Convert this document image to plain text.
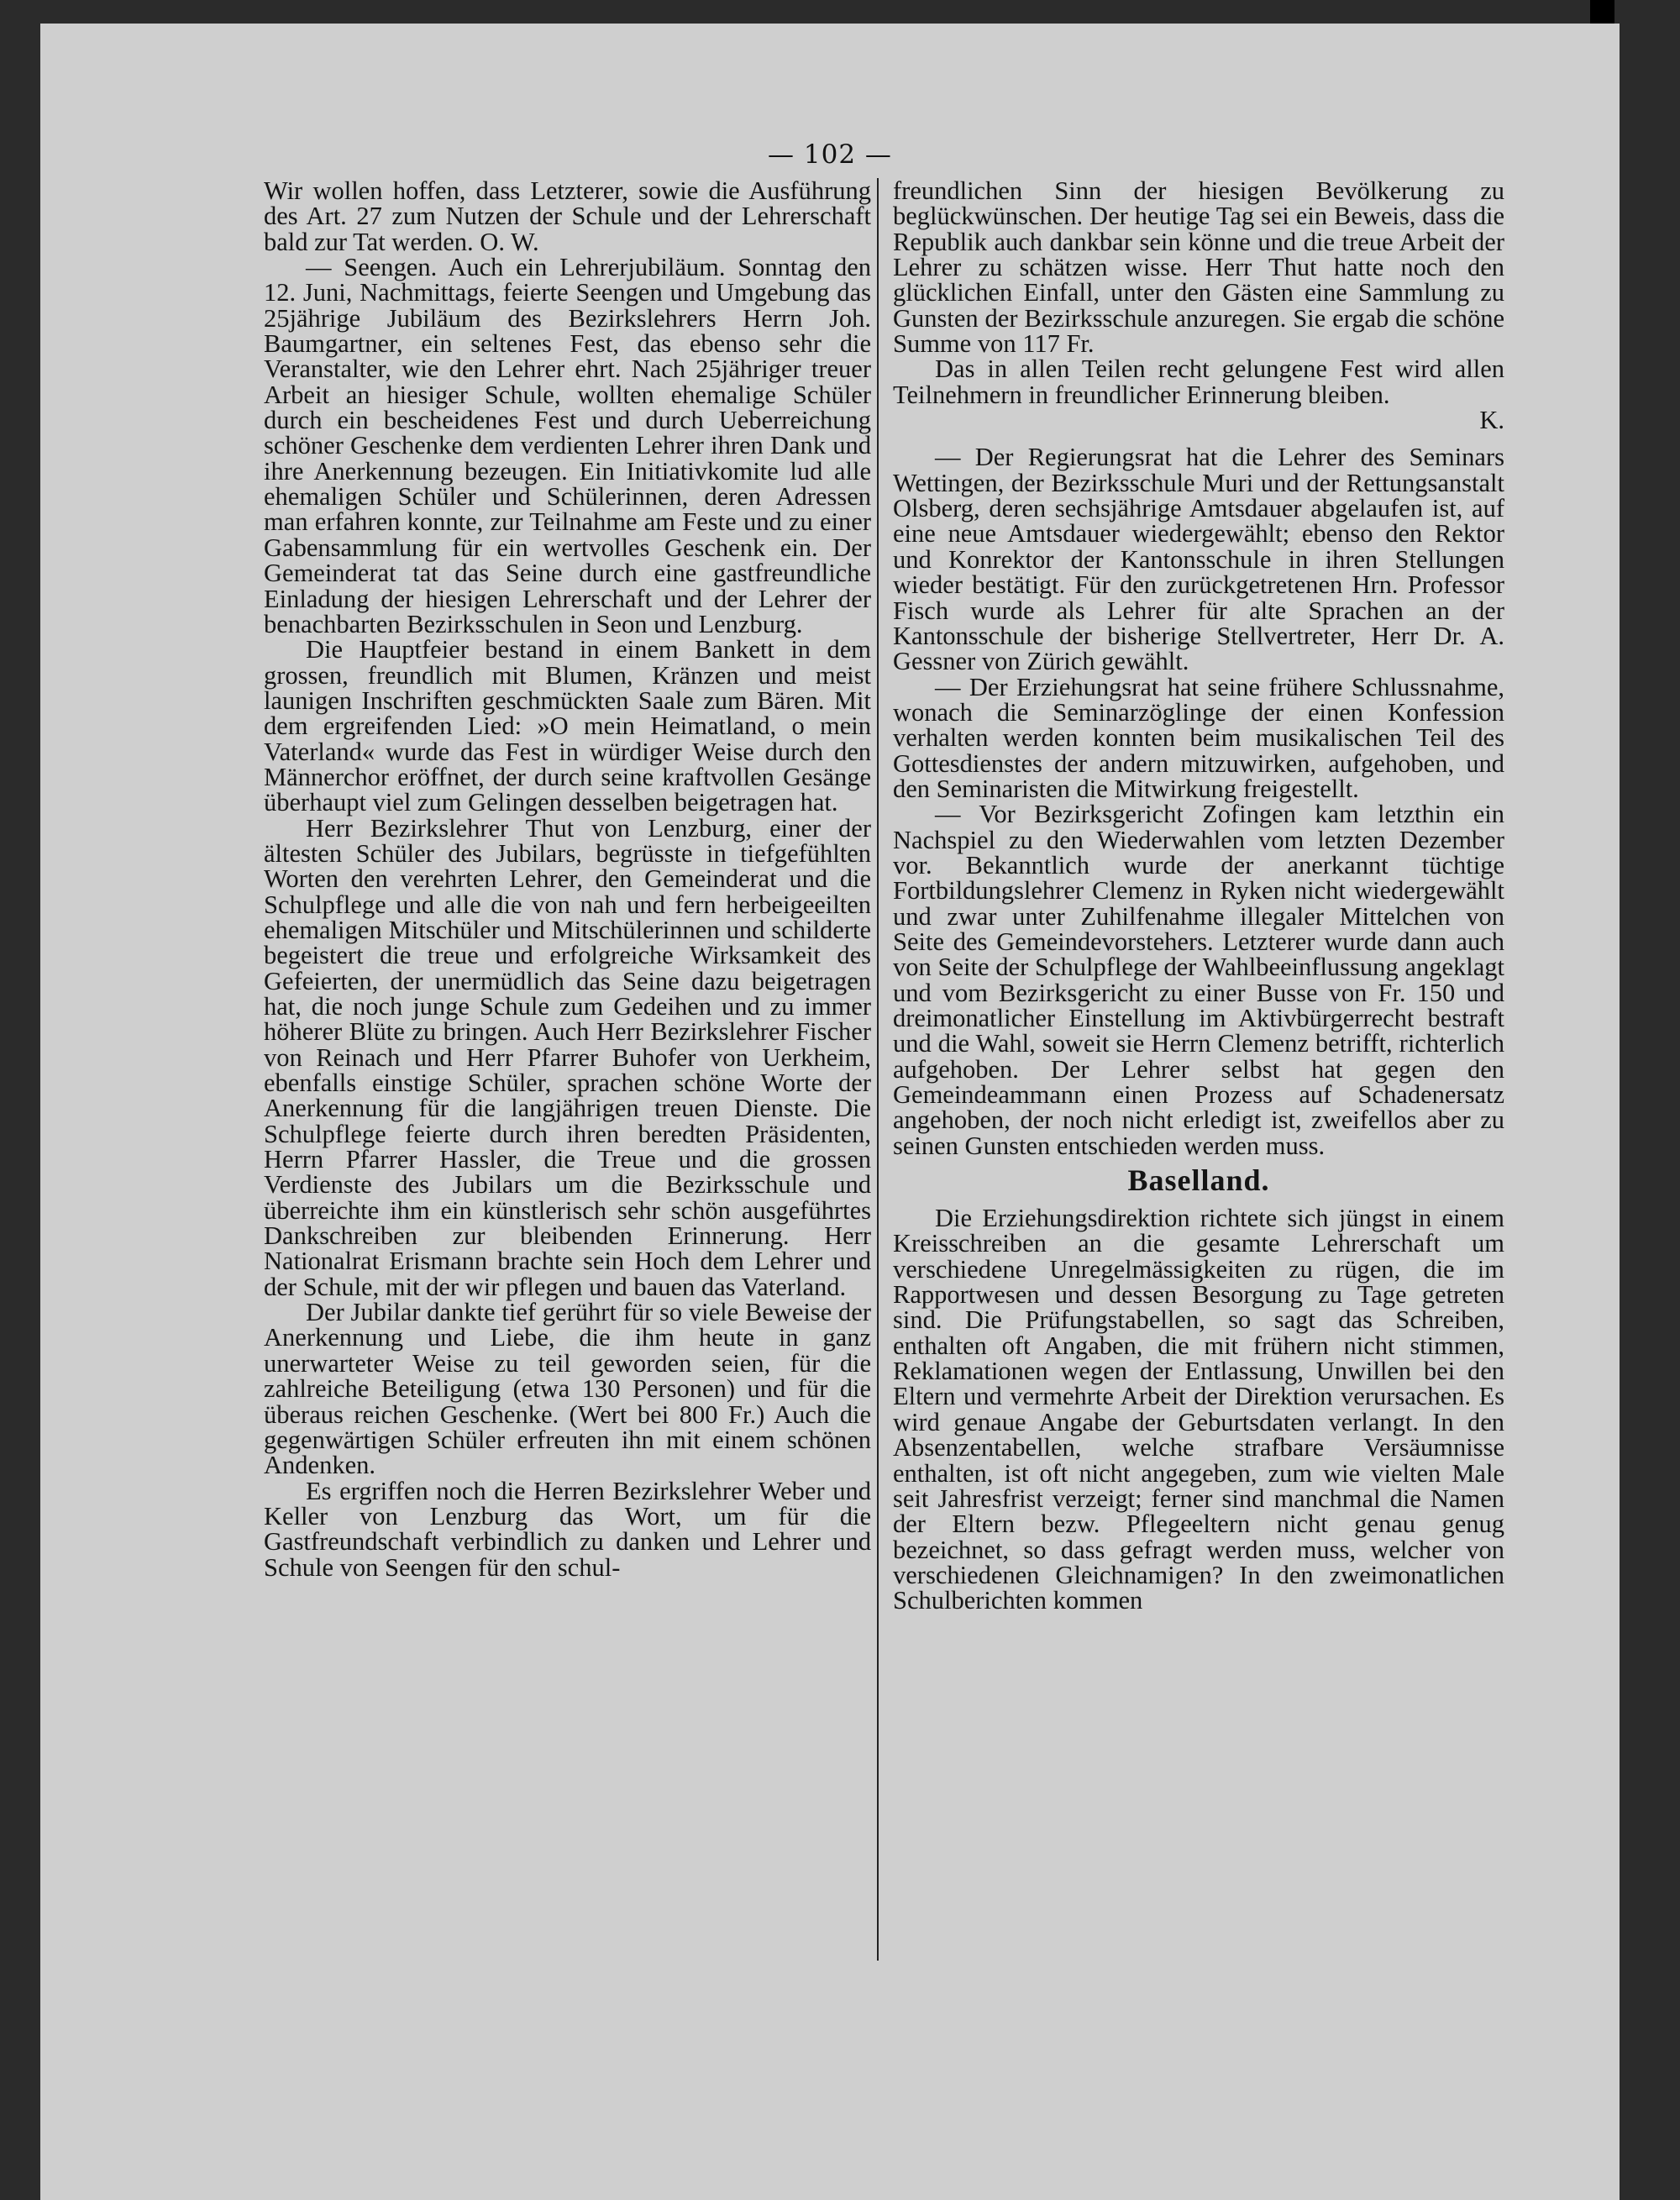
— 102 —

Wir wollen hoffen, dass Letzterer, sowie die Ausführung des Art. 27 zum Nutzen der Schule und der Lehrerschaft bald zur Tat werden. O. W.

— Seengen. Auch ein Lehrerjubiläum. Sonntag den 12. Juni, Nachmittags, feierte Seengen und Umgebung das 25jährige Jubiläum des Bezirkslehrers Herrn Joh. Baumgartner, ein seltenes Fest, das ebenso sehr die Veranstalter, wie den Lehrer ehrt. Nach 25jähriger treuer Arbeit an hiesiger Schule, wollten ehemalige Schüler durch ein bescheidenes Fest und durch Ueberreichung schöner Geschenke dem verdienten Lehrer ihren Dank und ihre Anerkennung bezeugen. Ein Initiativkomite lud alle ehemaligen Schüler und Schülerinnen, deren Adressen man erfahren konnte, zur Teilnahme am Feste und zu einer Gabensammlung für ein wertvolles Geschenk ein. Der Gemeinderat tat das Seine durch eine gastfreundliche Einladung der hiesigen Lehrerschaft und der Lehrer der benachbarten Bezirksschulen in Seon und Lenzburg.

Die Hauptfeier bestand in einem Bankett in dem grossen, freundlich mit Blumen, Kränzen und meist launigen Inschriften geschmückten Saale zum Bären. Mit dem ergreifenden Lied: »O mein Heimatland, o mein Vaterland« wurde das Fest in würdiger Weise durch den Männerchor eröffnet, der durch seine kraftvollen Gesänge überhaupt viel zum Gelingen desselben beigetragen hat.

Herr Bezirkslehrer Thut von Lenzburg, einer der ältesten Schüler des Jubilars, begrüsste in tiefgefühlten Worten den verehrten Lehrer, den Gemeinderat und die Schulpflege und alle die von nah und fern herbeigeeilten ehemaligen Mitschüler und Mitschülerinnen und schilderte begeistert die treue und erfolgreiche Wirksamkeit des Gefeierten, der unermüdlich das Seine dazu beigetragen hat, die noch junge Schule zum Gedeihen und zu immer höherer Blüte zu bringen. Auch Herr Bezirkslehrer Fischer von Reinach und Herr Pfarrer Buhofer von Uerkheim, ebenfalls einstige Schüler, sprachen schöne Worte der Anerkennung für die langjährigen treuen Dienste. Die Schulpflege feierte durch ihren beredten Präsidenten, Herrn Pfarrer Hassler, die Treue und die grossen Verdienste des Jubilars um die Bezirksschule und überreichte ihm ein künstlerisch sehr schön ausgeführtes Dankschreiben zur bleibenden Erinnerung. Herr Nationalrat Erismann brachte sein Hoch dem Lehrer und der Schule, mit der wir pflegen und bauen das Vaterland.

Der Jubilar dankte tief gerührt für so viele Beweise der Anerkennung und Liebe, die ihm heute in ganz unerwarteter Weise zu teil geworden seien, für die zahlreiche Beteiligung (etwa 130 Personen) und für die überaus reichen Geschenke. (Wert bei 800 Fr.) Auch die gegenwärtigen Schüler erfreuten ihn mit einem schönen Andenken.

Es ergriffen noch die Herren Bezirkslehrer Weber und Keller von Lenzburg das Wort, um für die Gastfreundschaft verbindlich zu danken und Lehrer und Schule von Seengen für den schul-

freundlichen Sinn der hiesigen Bevölkerung zu beglückwünschen. Der heutige Tag sei ein Beweis, dass die Republik auch dankbar sein könne und die treue Arbeit der Lehrer zu schätzen wisse. Herr Thut hatte noch den glücklichen Einfall, unter den Gästen eine Sammlung zu Gunsten der Bezirksschule anzuregen. Sie ergab die schöne Summe von 117 Fr.

Das in allen Teilen recht gelungene Fest wird allen Teilnehmern in freundlicher Erinnerung bleiben.

K.

— Der Regierungsrat hat die Lehrer des Seminars Wettingen, der Bezirksschule Muri und der Rettungsanstalt Olsberg, deren sechsjährige Amtsdauer abgelaufen ist, auf eine neue Amtsdauer wiedergewählt; ebenso den Rektor und Konrektor der Kantonsschule in ihren Stellungen wieder bestätigt. Für den zurückgetretenen Hrn. Professor Fisch wurde als Lehrer für alte Sprachen an der Kantonsschule der bisherige Stellvertreter, Herr Dr. A. Gessner von Zürich gewählt.

— Der Erziehungsrat hat seine frühere Schlussnahme, wonach die Seminarzöglinge der einen Konfession verhalten werden konnten beim musikalischen Teil des Gottesdienstes der andern mitzuwirken, aufgehoben, und den Seminaristen die Mitwirkung freigestellt.

— Vor Bezirksgericht Zofingen kam letzthin ein Nachspiel zu den Wiederwahlen vom letzten Dezember vor. Bekanntlich wurde der anerkannt tüchtige Fortbildungslehrer Clemenz in Ryken nicht wiedergewählt und zwar unter Zuhilfenahme illegaler Mittelchen von Seite des Gemeindevorstehers. Letzterer wurde dann auch von Seite der Schulpflege der Wahlbeeinflussung angeklagt und vom Bezirksgericht zu einer Busse von Fr. 150 und dreimonatlicher Einstellung im Aktivbürgerrecht bestraft und die Wahl, soweit sie Herrn Clemenz betrifft, richterlich aufgehoben. Der Lehrer selbst hat gegen den Gemeindeammann einen Prozess auf Schadenersatz angehoben, der noch nicht erledigt ist, zweifellos aber zu seinen Gunsten entschieden werden muss.

Baselland.

Die Erziehungsdirektion richtete sich jüngst in einem Kreisschreiben an die gesamte Lehrerschaft um verschiedene Unregelmässigkeiten zu rügen, die im Rapportwesen und dessen Besorgung zu Tage getreten sind. Die Prüfungstabellen, so sagt das Schreiben, enthalten oft Angaben, die mit frühern nicht stimmen, Reklamationen wegen der Entlassung, Unwillen bei den Eltern und vermehrte Arbeit der Direktion verursachen. Es wird genaue Angabe der Geburtsdaten verlangt. In den Absenzentabellen, welche strafbare Versäumnisse enthalten, ist oft nicht angegeben, zum wie vielten Male seit Jahresfrist verzeigt; ferner sind manchmal die Namen der Eltern bezw. Pflegeeltern nicht genau genug bezeichnet, so dass gefragt werden muss, welcher von verschiedenen Gleichnamigen? In den zweimonatlichen Schulberichten kommen
